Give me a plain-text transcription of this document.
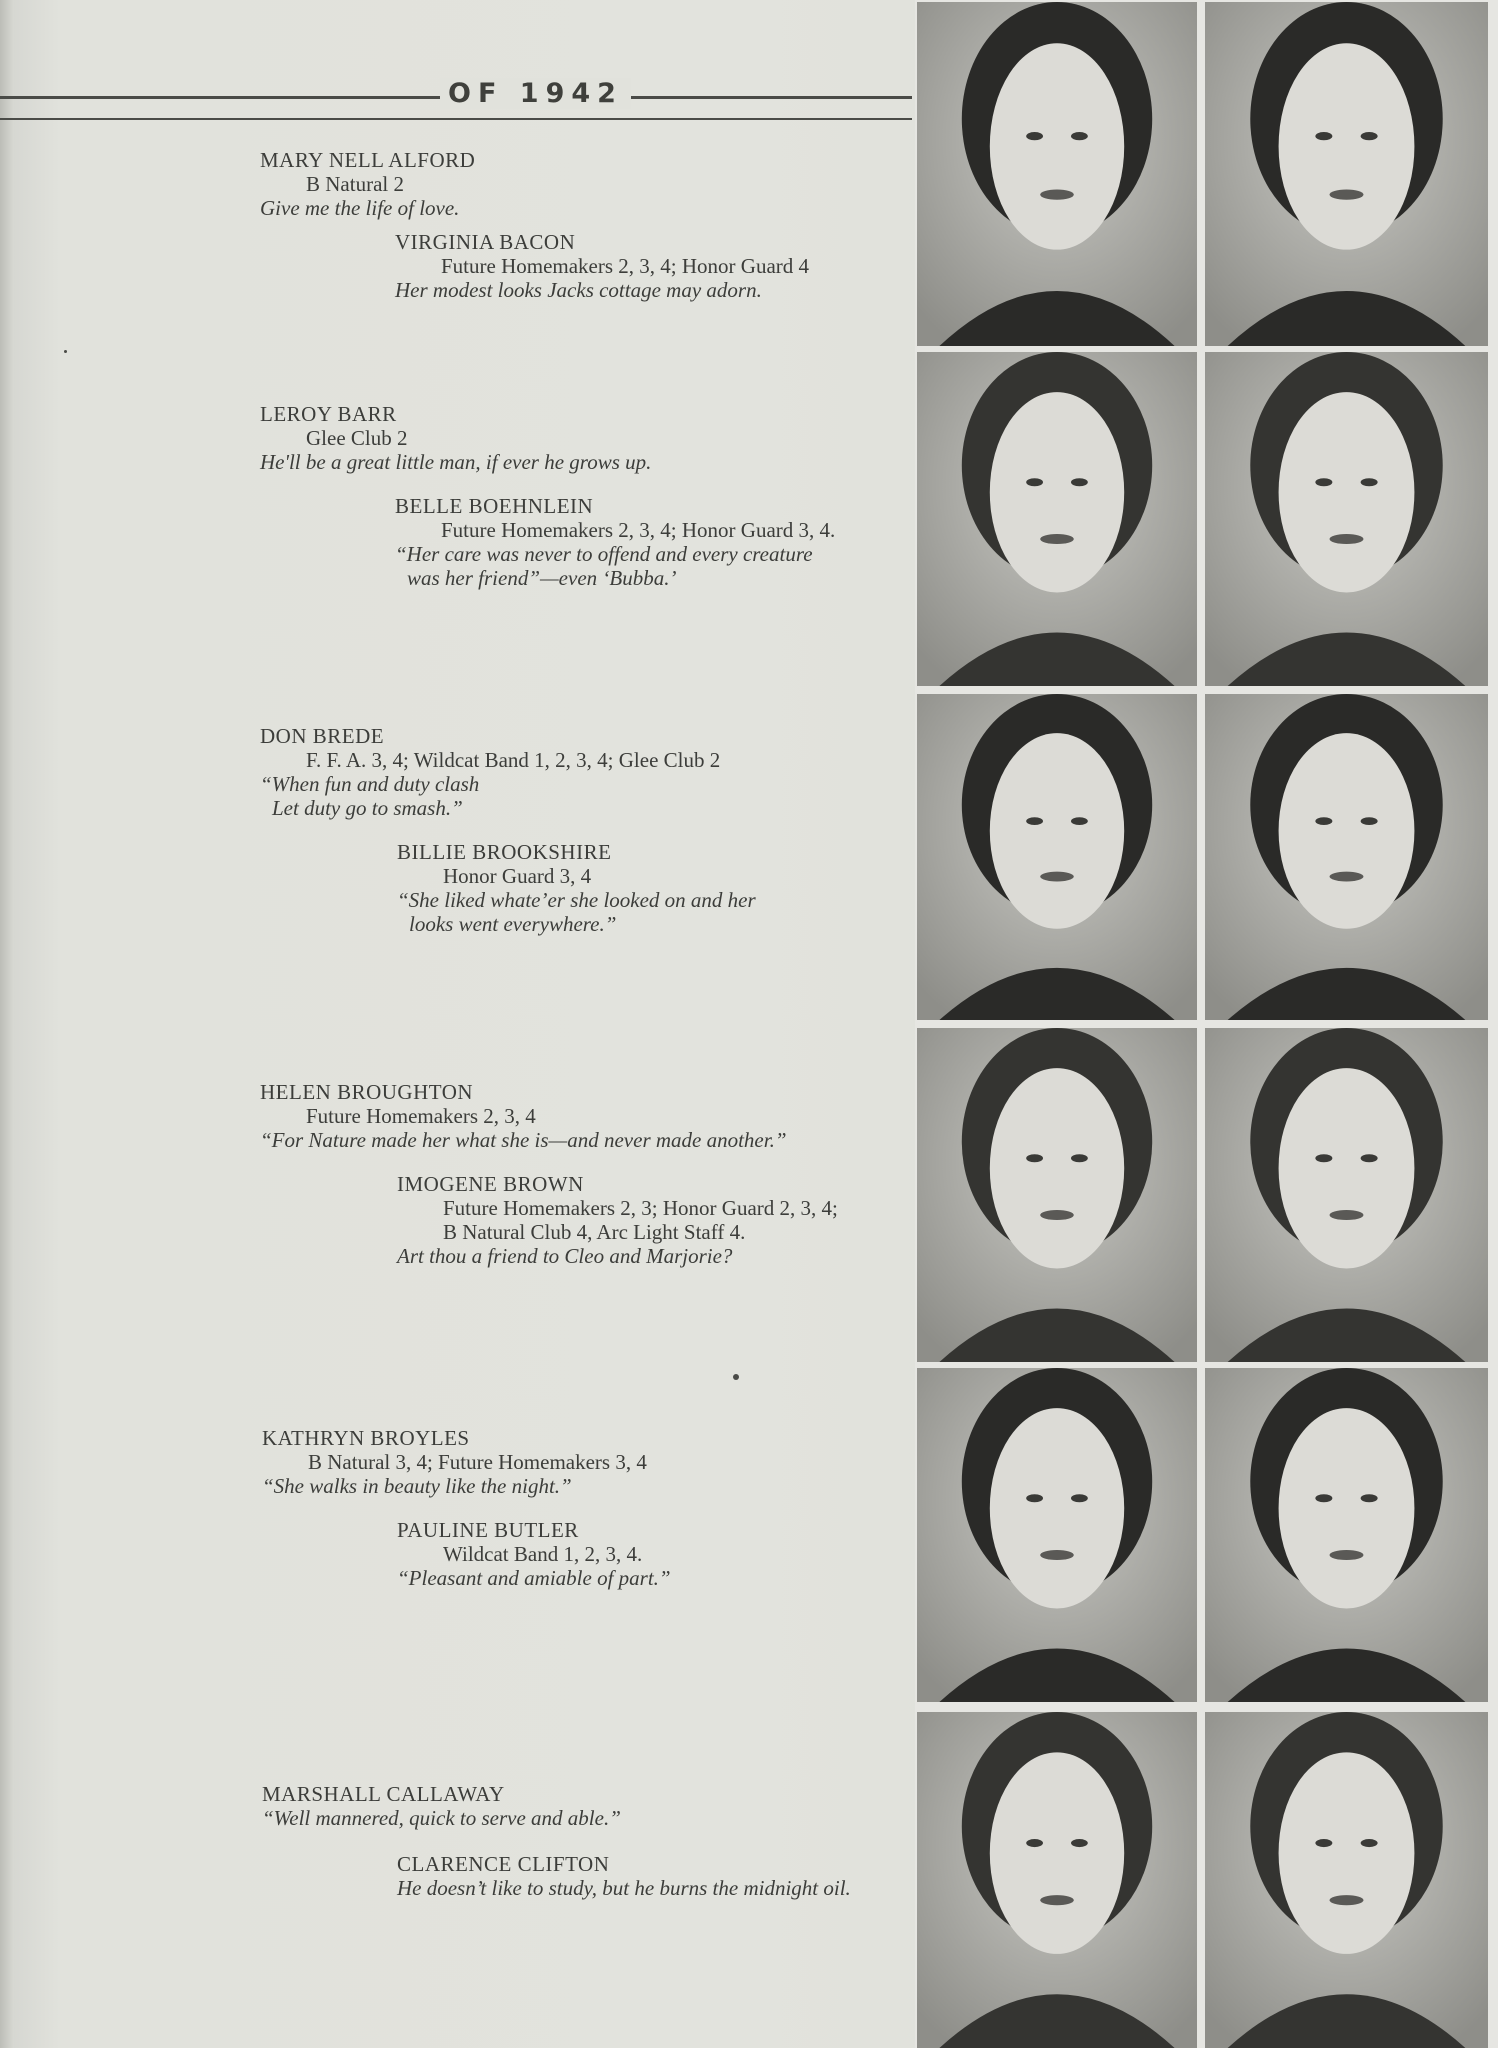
OF 1942
MARY NELL ALFORD
B Natural 2
Give me the life of love.
VIRGINIA BACON
Future Homemakers 2, 3, 4; Honor Guard 4
Her modest looks Jacks cottage may adorn.
LEROY BARR
Glee Club 2
He'll be a great little man, if ever he grows up.
BELLE BOEHNLEIN
Future Homemakers 2, 3, 4; Honor Guard 3, 4.
“Her care was never to offend and every creature
was her friend”—even ‘Bubba.’
DON BREDE
F. F. A. 3, 4; Wildcat Band 1, 2, 3, 4; Glee Club 2
“When fun and duty clash
Let duty go to smash.”
BILLIE BROOKSHIRE
Honor Guard 3, 4
“She liked whate’er she looked on and her
looks went everywhere.”
HELEN BROUGHTON
Future Homemakers 2, 3, 4
“For Nature made her what she is—and never made another.”
IMOGENE BROWN
Future Homemakers 2, 3; Honor Guard 2, 3, 4;
B Natural Club 4, Arc Light Staff 4.
Art thou a friend to Cleo and Marjorie?
KATHRYN BROYLES
B Natural 3, 4; Future Homemakers 3, 4
“She walks in beauty like the night.”
PAULINE BUTLER
Wildcat Band 1, 2, 3, 4.
“Pleasant and amiable of part.”
MARSHALL CALLAWAY
“Well mannered, quick to serve and able.”
CLARENCE CLIFTON
He doesn’t like to study, but he burns the midnight oil.
